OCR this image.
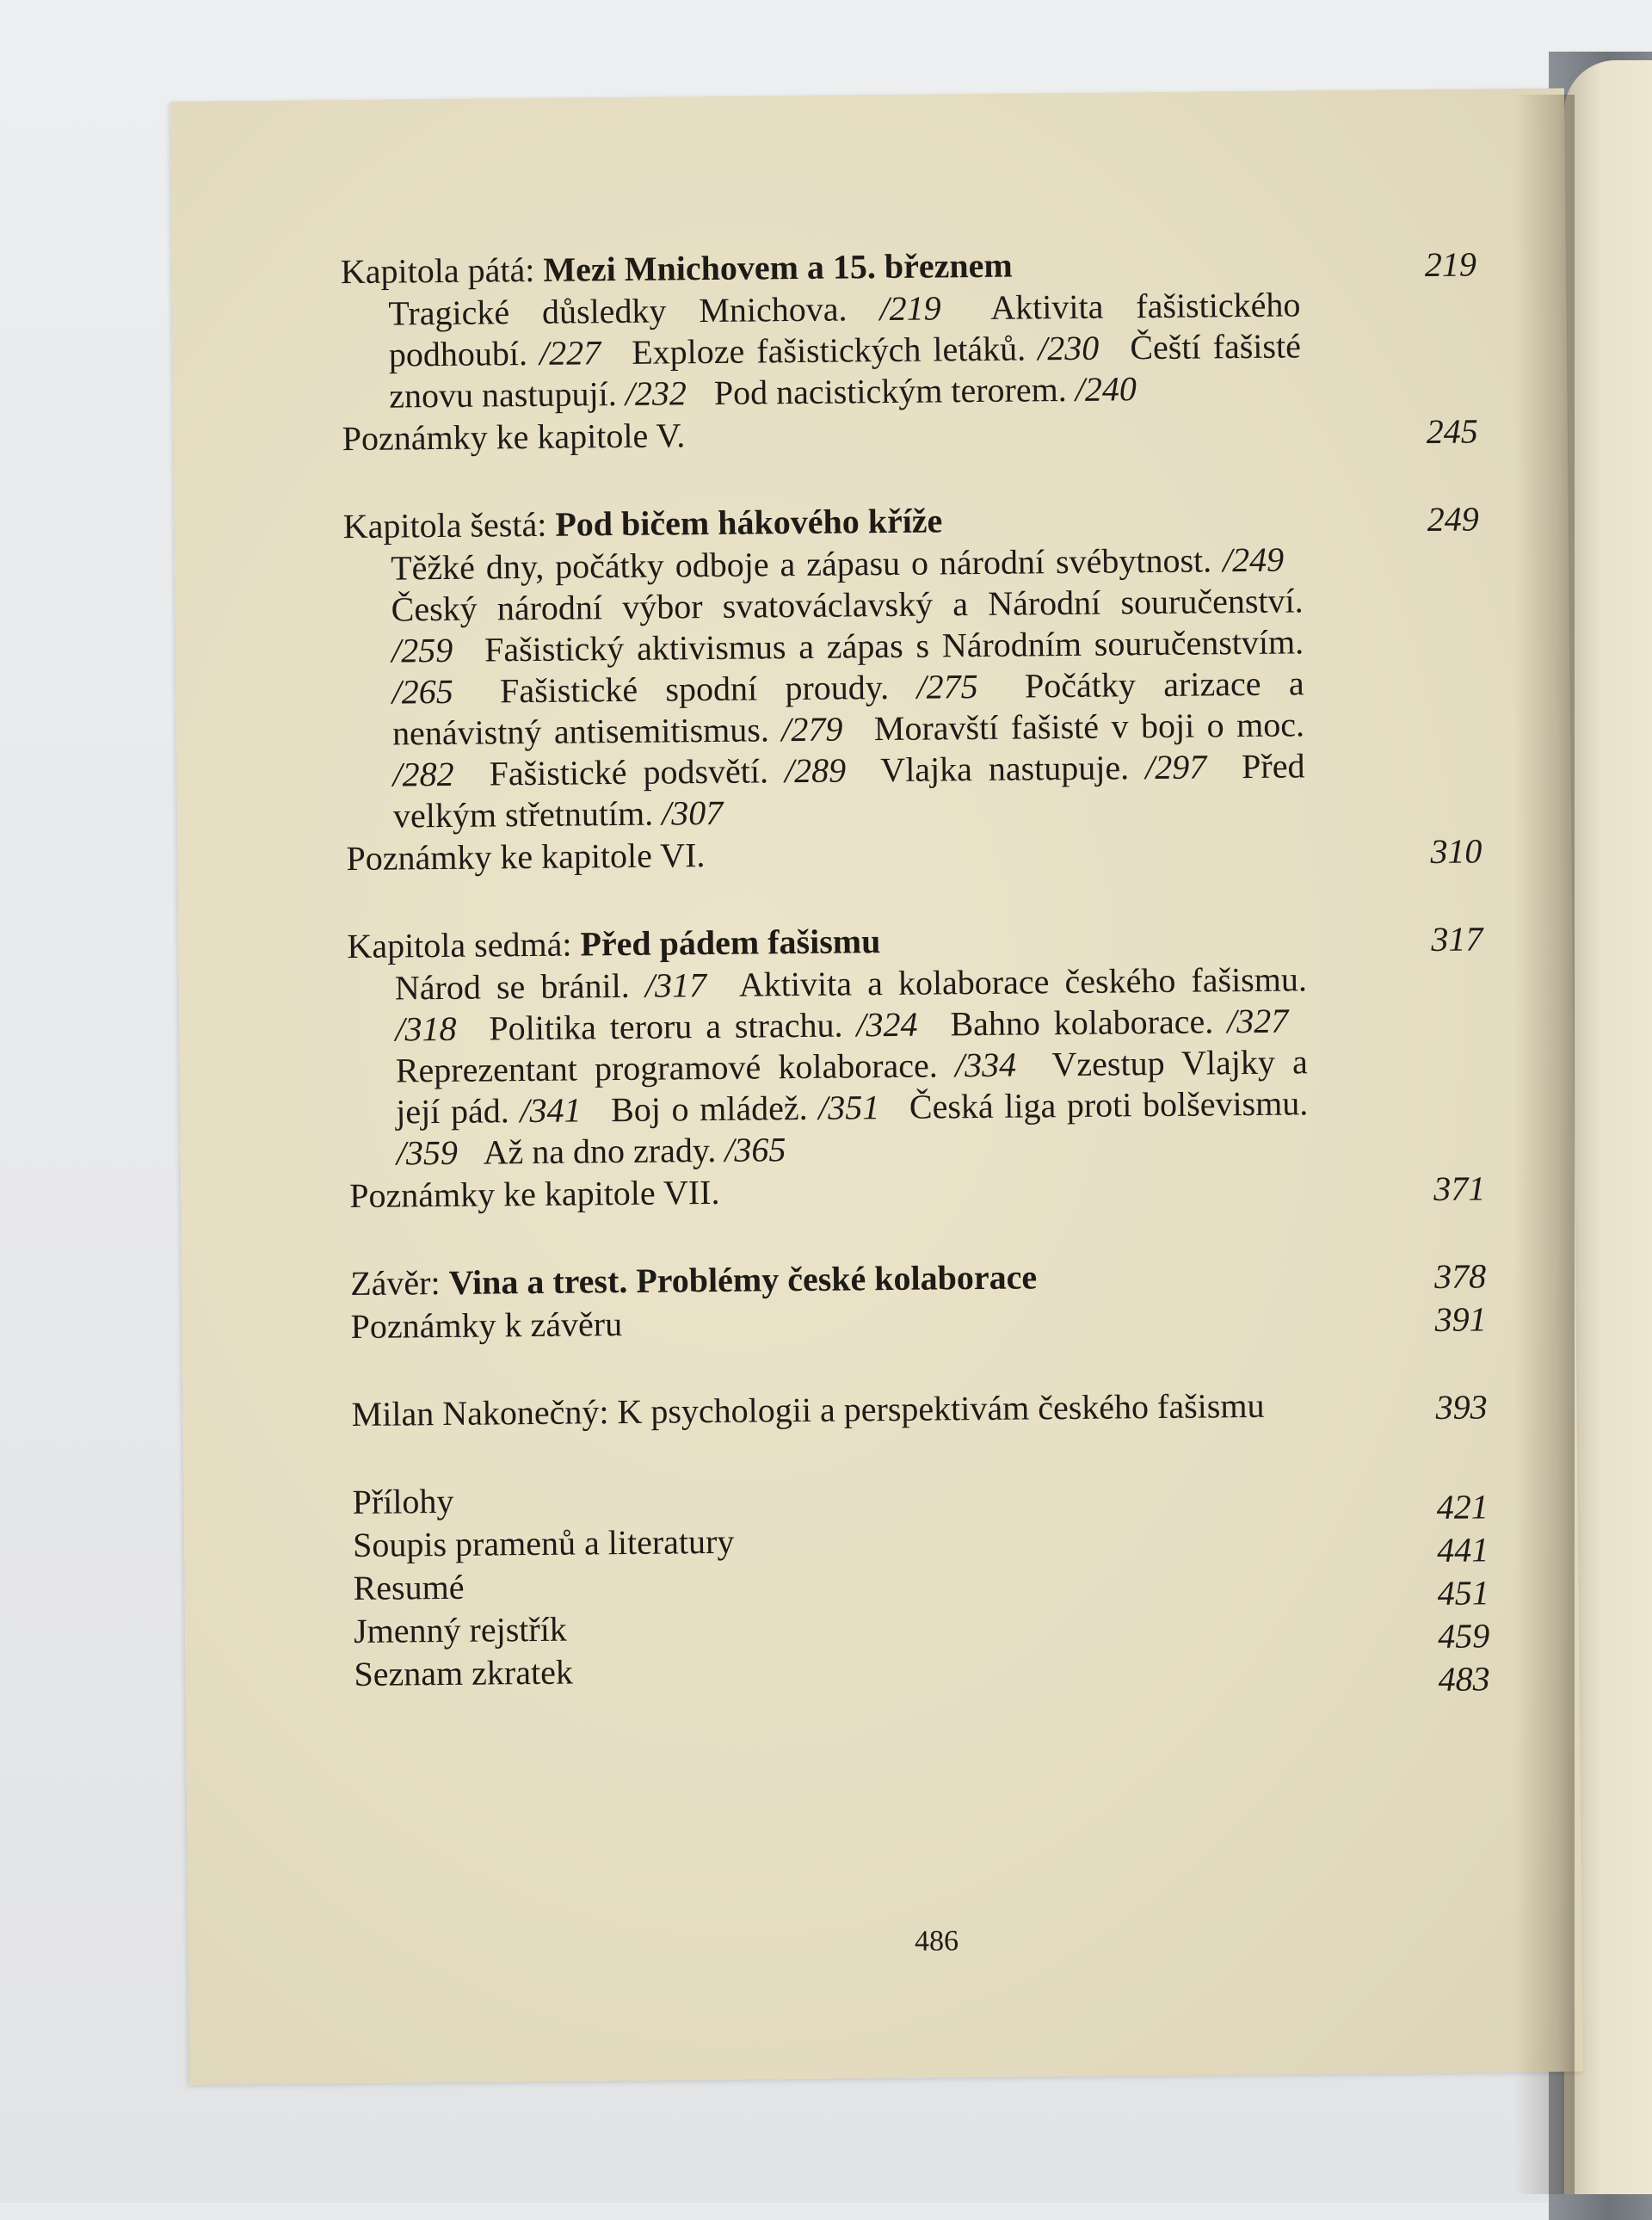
Kapitola pátá: Mezi Mnichovem a 15. březnem	219
Tragické důsledky Mnichova. /219 Aktivita fašistického podhoubí. /227 Exploze fašistických letáků. /230 Čeští fašisté znovu nastupují. /232 Pod nacistickým terorem. /240
Poznámky ke kapitole V.	245
Kapitola šestá: Pod bičem hákového kříže	249
Těžké dny, počátky odboje a zápasu o národní svébytnost. /249 Český národní výbor svatováclavský a Národní souručenství. /259 Fašistický aktivismus a zápas s Národním souručenstvím. /265 Fašistické spodní proudy. /275 Počátky arizace a nenávistný antisemitismus. /279 Moravští fašisté v boji o moc. /282 Fašistické podsvětí. /289 Vlajka nastupuje. /297 Před velkým střetnutím. /307
Poznámky ke kapitole VI.	310
Kapitola sedmá: Před pádem fašismu	317
Národ se bránil. /317 Aktivita a kolaborace českého fašismu. /318 Politika teroru a strachu. /324 Bahno kolaborace. /327 Reprezentant programové kolaborace. /334 Vzestup Vlajky a její pád. /341 Boj o mládež. /351 Česká liga proti bolševismu. /359 Až na dno zrady. /365
Poznámky ke kapitole VII.	371
Závěr: Vina a trest. Problémy české kolaborace	378
Poznámky k závěru	391
Milan Nakonečný: K psychologii a perspektivám českého fašismu	393
Přílohy	421
Soupis pramenů a literatury	441
Resumé	451
Jmenný rejstřík	459
Seznam zkratek	483
486
